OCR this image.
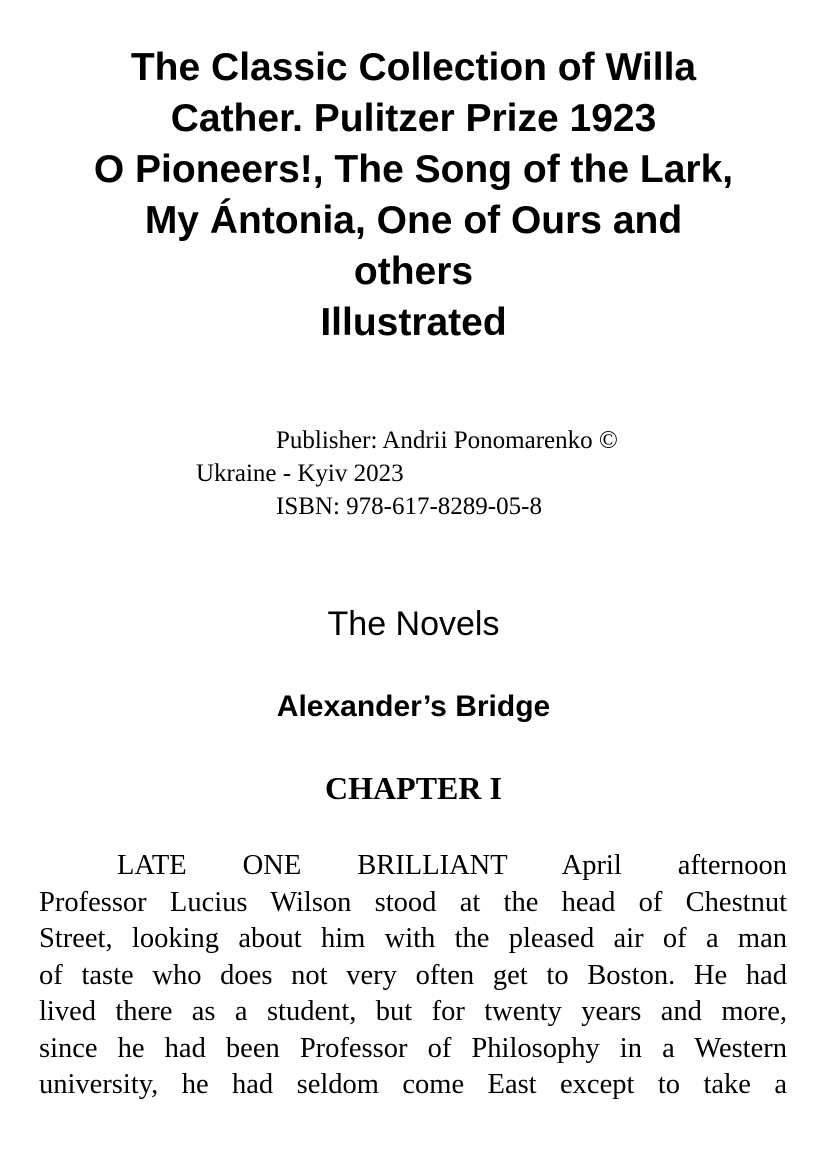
The Classic Collection of Willa
Cather. Pulitzer Prize 1923
O Pioneers!, The Song of the Lark,
My Ántonia, One of Ours and
others
Illustrated
Publisher: Andrii Ponomarenko ©
Ukraine - Kyiv 2023
ISBN: 978-617-8289-05-8
The Novels
Alexander’s Bridge
CHAPTER I
LATE ONE BRILLIANT April afternoon
Professor Lucius Wilson stood at the head of Chestnut
Street, looking about him with the pleased air of a man
of taste who does not very often get to Boston. He had
lived there as a student, but for twenty years and more,
since he had been Professor of Philosophy in a Western
university, he had seldom come East except to take a
